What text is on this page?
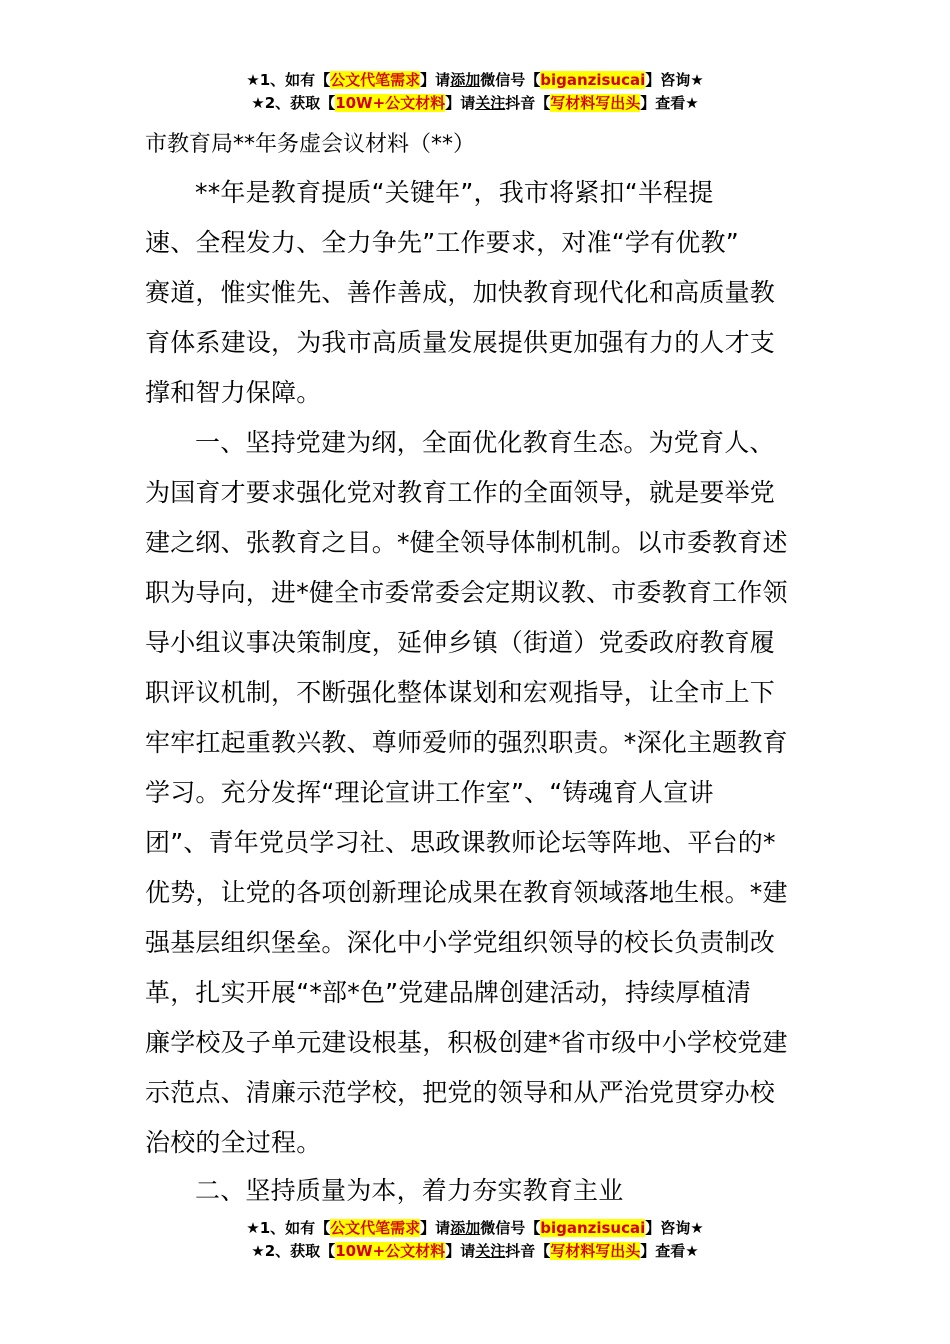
★1、如有【公文代笔需求】请添加微信号【biganzisucai】咨询★
★2、获取【10W+公文材料】请关注抖音【写材料写出头】查看★
市教育局**年务虚会议材料（**）
**年是教育提质“关键年”，我市将紧扣“半程提
速、全程发力、全力争先”工作要求，对准“学有优教”
赛道，惟实惟先、善作善成，加快教育现代化和高质量教
育体系建设，为我市高质量发展提供更加强有力的人才支
撑和智力保障。
一、坚持党建为纲，全面优化教育生态。为党育人、
为国育才要求强化党对教育工作的全面领导，就是要举党
建之纲、张教育之目。*健全领导体制机制。以市委教育述
职为导向，进*健全市委常委会定期议教、市委教育工作领
导小组议事决策制度，延伸乡镇（街道）党委政府教育履
职评议机制，不断强化整体谋划和宏观指导，让全市上下
牢牢扛起重教兴教、尊师爱师的强烈职责。*深化主题教育
学习。充分发挥“理论宣讲工作室”、“铸魂育人宣讲
团”、青年党员学习社、思政课教师论坛等阵地、平台的*
优势，让党的各项创新理论成果在教育领域落地生根。*建
强基层组织堡垒。深化中小学党组织领导的校长负责制改
革，扎实开展“*部*色”党建品牌创建活动，持续厚植清
廉学校及子单元建设根基，积极创建*省市级中小学校党建
示范点、清廉示范学校，把党的领导和从严治党贯穿办校
治校的全过程。
二、坚持质量为本，着力夯实教育主业
★1、如有【公文代笔需求】请添加微信号【biganzisucai】咨询★
★2、获取【10W+公文材料】请关注抖音【写材料写出头】查看★
